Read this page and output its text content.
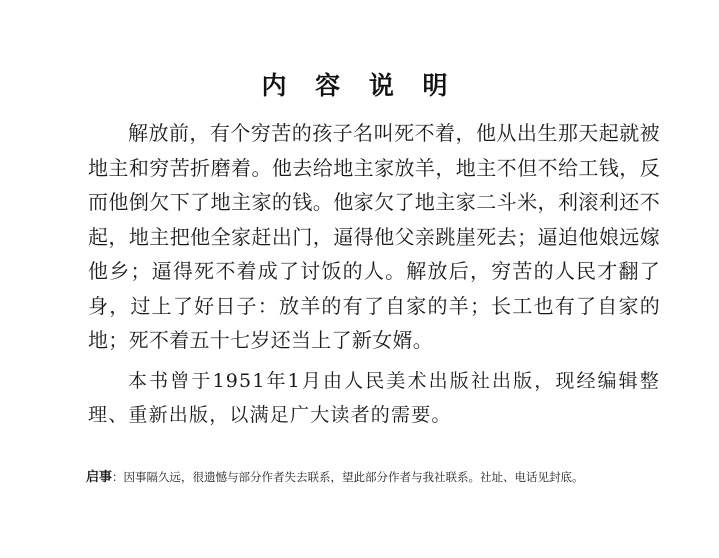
内 容 说 明

解放前，有个穷苦的孩子名叫死不着，他从出生那天起就被地主和穷苦折磨着。他去给地主家放羊，地主不但不给工钱，反而他倒欠下了地主家的钱。他家欠了地主家二斗米，利滚利还不起，地主把他全家赶出门，逼得他父亲跳崖死去；逼迫他娘远嫁他乡；逼得死不着成了讨饭的人。解放后，穷苦的人民才翻了身，过上了好日子：放羊的有了自家的羊；长工也有了自家的地；死不着五十七岁还当上了新女婿。

本书曾于1951年1月由人民美术出版社出版，现经编辑整理、重新出版，以满足广大读者的需要。

启事：因事隔久远，很遗憾与部分作者失去联系，望此部分作者与我社联系。社址、电话见封底。
